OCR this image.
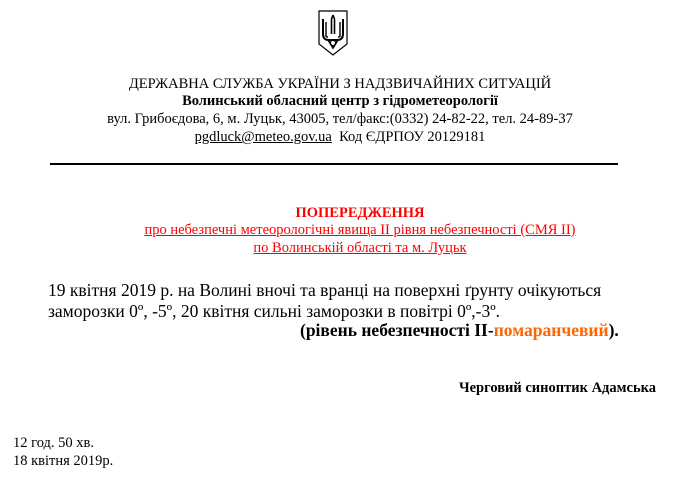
ДЕРЖАВНА СЛУЖБА УКРАЇНИ З НАДЗВИЧАЙНИХ СИТУАЦІЙ
Волинський обласний центр з гідрометеорології
вул. Грибоєдова, 6, м. Луцьк, 43005, тел/факс:(0332) 24-82-22, тел. 24-89-37
pgdluck@meteo.gov.ua Код ЄДРПОУ 20129181
ПОПЕРЕДЖЕННЯ
про небезпечні метеорологічні явища ІІ рівня небезпечності (СМЯ ІІ)
по Волинській області та м. Луцьк
19 квітня 2019 р. на Волині вночі та вранці на поверхні ґрунту очікуються
заморозки 0º, -5º, 20 квітня сильні заморозки в повітрі 0º,-3º.
(рівень небезпечності ІІ-помаранчевий).
Черговий синоптик Адамська
12 год. 50 хв.
18 квітня 2019р.
